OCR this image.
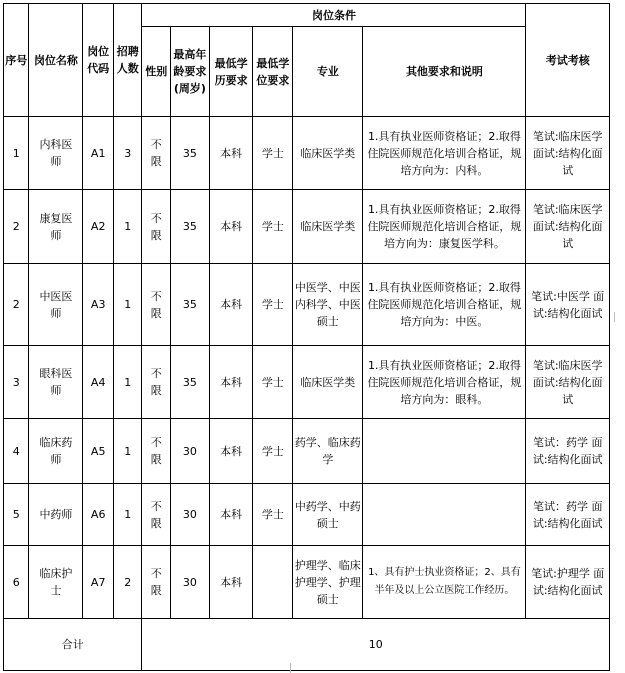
序号	岗位名称	岗位代码	招聘人数	岗位条件						考试考核
				性别	最高年龄要求(周岁)	最低学历要求	最低学位要求	专业	其他要求和说明	
1	内科医师	A1	3	不限	35	本科	学士	临床医学类	1.具有执业医师资格证；2.取得住院医师规范化培训合格证，规培方向为：内科。	笔试:临床医学 面试:结构化面试
2	康复医师	A2	1	不限	35	本科	学士	临床医学类	1.具有执业医师资格证；2.取得住院医师规范化培训合格证，规培方向为：康复医学科。	笔试:临床医学 面试:结构化面试
2	中医医师	A3	1	不限	35	本科	学士	中医学、中医内科学、中医硕士	1.具有执业医师资格证；2.取得住院医师规范化培训合格证，规培方向为：中医。	笔试:中医学 面试:结构化面试
3	眼科医师	A4	1	不限	35	本科	学士	临床医学类	1.具有执业医师资格证；2.取得住院医师规范化培训合格证，规培方向为：眼科。	笔试:临床医学 面试:结构化面试
4	临床药师	A5	1	不限	30	本科	学士	药学、临床药学		笔试：药学 面试:结构化面试
5	中药师	A6	1	不限	30	本科	学士	中药学、中药硕士		笔试：药学 面试:结构化面试
6	临床护士	A7	2	不限	30	本科		护理学、临床护理学、护理硕士	1、具有护士执业资格证；2、具有半年及以上公立医院工作经历。	笔试:护理学 面试:结构化面试
合计				10						
